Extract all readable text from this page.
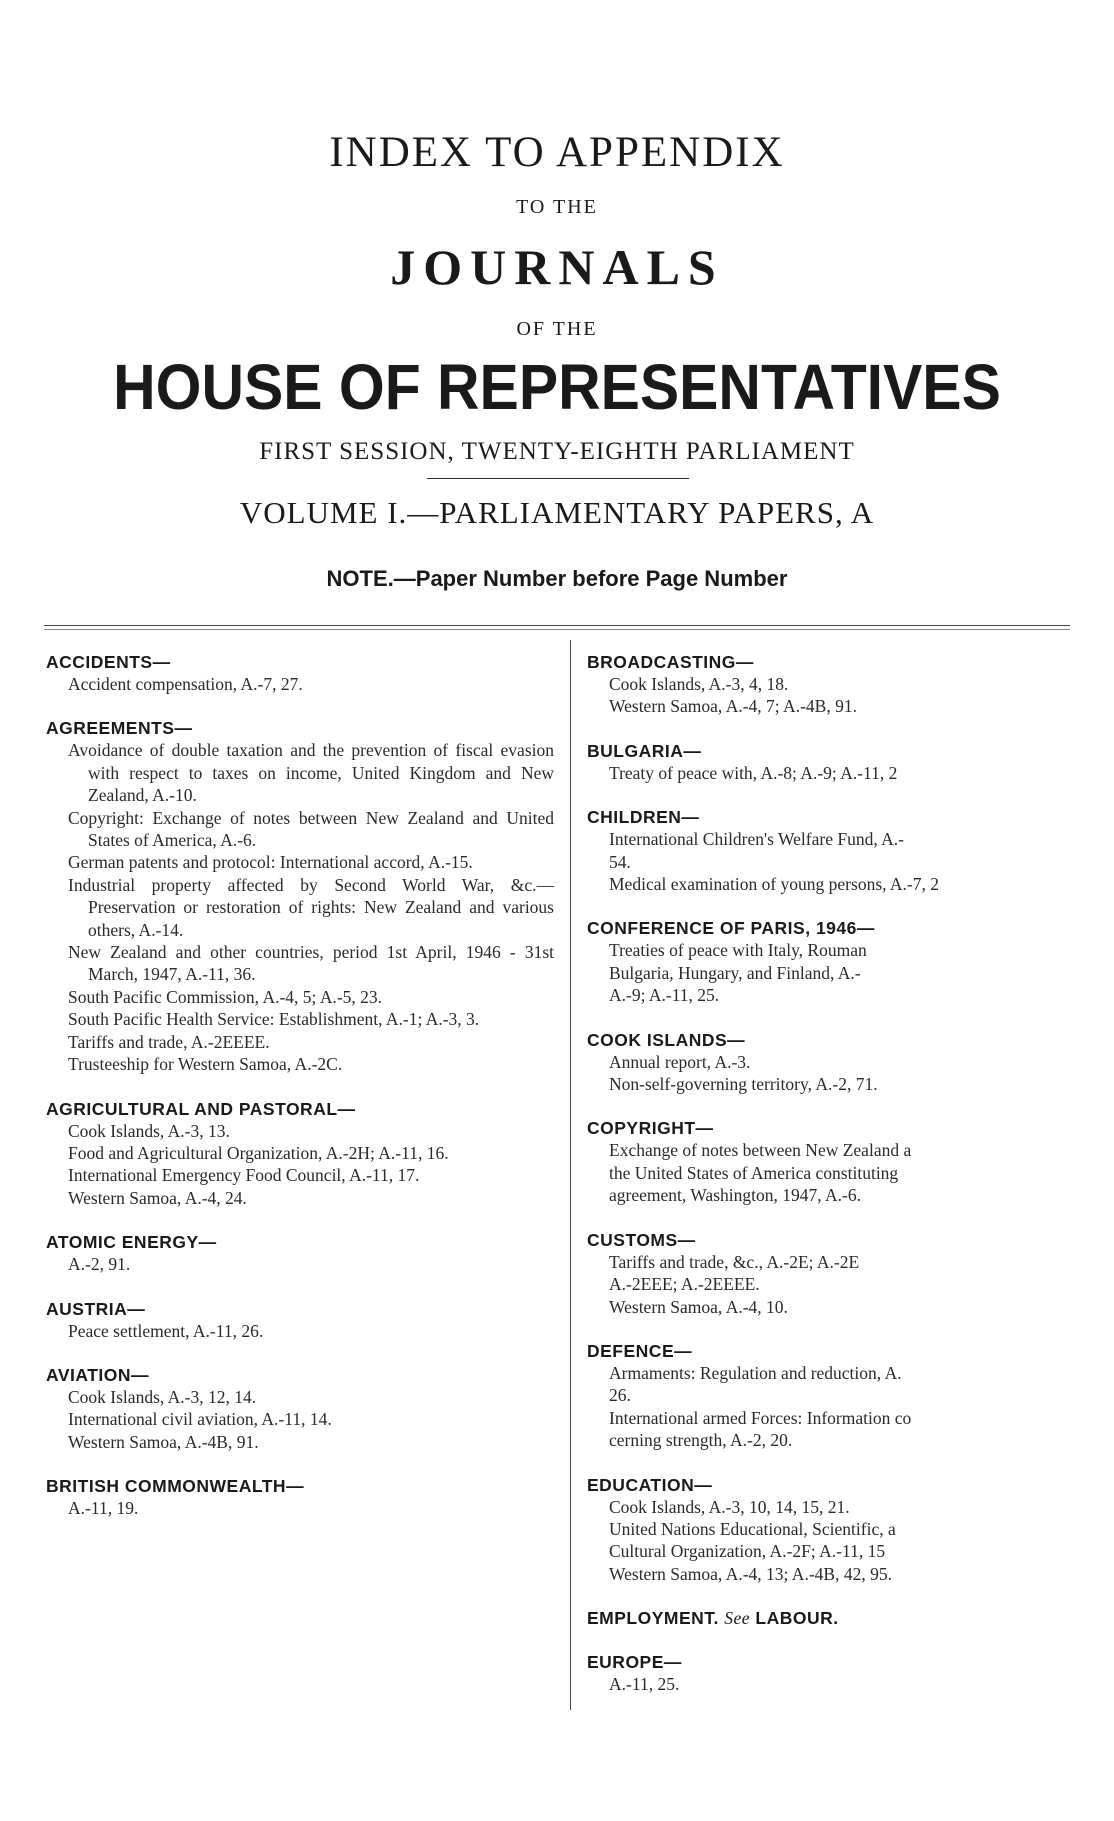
INDEX TO APPENDIX
TO THE
JOURNALS
OF THE
HOUSE OF REPRESENTATIVES
FIRST SESSION, TWENTY-EIGHTH PARLIAMENT
VOLUME I.—PARLIAMENTARY PAPERS, A
NOTE.—Paper Number before Page Number
ACCIDENTS—
Accident compensation, A.-7, 27.
AGREEMENTS—
Avoidance of double taxation and the prevention of fiscal evasion with respect to taxes on income, United Kingdom and New Zealand, A.-10.
Copyright: Exchange of notes between New Zealand and United States of America, A.-6.
German patents and protocol: International accord, A.-15.
Industrial property affected by Second World War, &c.—Preservation or restoration of rights: New Zealand and various others, A.-14.
New Zealand and other countries, period 1st April, 1946 - 31st March, 1947, A.-11, 36.
South Pacific Commission, A.-4, 5; A.-5, 23.
South Pacific Health Service: Establishment, A.-1; A.-3, 3.
Tariffs and trade, A.-2EEEE.
Trusteeship for Western Samoa, A.-2C.
AGRICULTURAL AND PASTORAL—
Cook Islands, A.-3, 13.
Food and Agricultural Organization, A.-2H; A.-11, 16.
International Emergency Food Council, A.-11, 17.
Western Samoa, A.-4, 24.
ATOMIC ENERGY—
A.-2, 91.
AUSTRIA—
Peace settlement, A.-11, 26.
AVIATION—
Cook Islands, A.-3, 12, 14.
International civil aviation, A.-11, 14.
Western Samoa, A.-4B, 91.
BRITISH COMMONWEALTH—
A.-11, 19.
BROADCASTING—
Cook Islands, A.-3, 4, 18.
Western Samoa, A.-4, 7; A.-4B, 91.
BULGARIA—
Treaty of peace with, A.-8; A.-9; A.-11, 2
CHILDREN—
International Children's Welfare Fund, A.-
54.
Medical examination of young persons, A.-7, 2
CONFERENCE OF PARIS, 1946—
Treaties of peace with Italy, Rouman
Bulgaria, Hungary, and Finland, A.-
A.-9; A.-11, 25.
COOK ISLANDS—
Annual report, A.-3.
Non-self-governing territory, A.-2, 71.
COPYRIGHT—
Exchange of notes between New Zealand a
the United States of America constituting
agreement, Washington, 1947, A.-6.
CUSTOMS—
Tariffs and trade, &c., A.-2E; A.-2E
A.-2EEE; A.-2EEEE.
Western Samoa, A.-4, 10.
DEFENCE—
Armaments: Regulation and reduction, A.
26.
International armed Forces: Information co
cerning strength, A.-2, 20.
EDUCATION—
Cook Islands, A.-3, 10, 14, 15, 21.
United Nations Educational, Scientific, a
Cultural Organization, A.-2F; A.-11, 15
Western Samoa, A.-4, 13; A.-4B, 42, 95.
EMPLOYMENT. See LABOUR.
EUROPE—
A.-11, 25.
